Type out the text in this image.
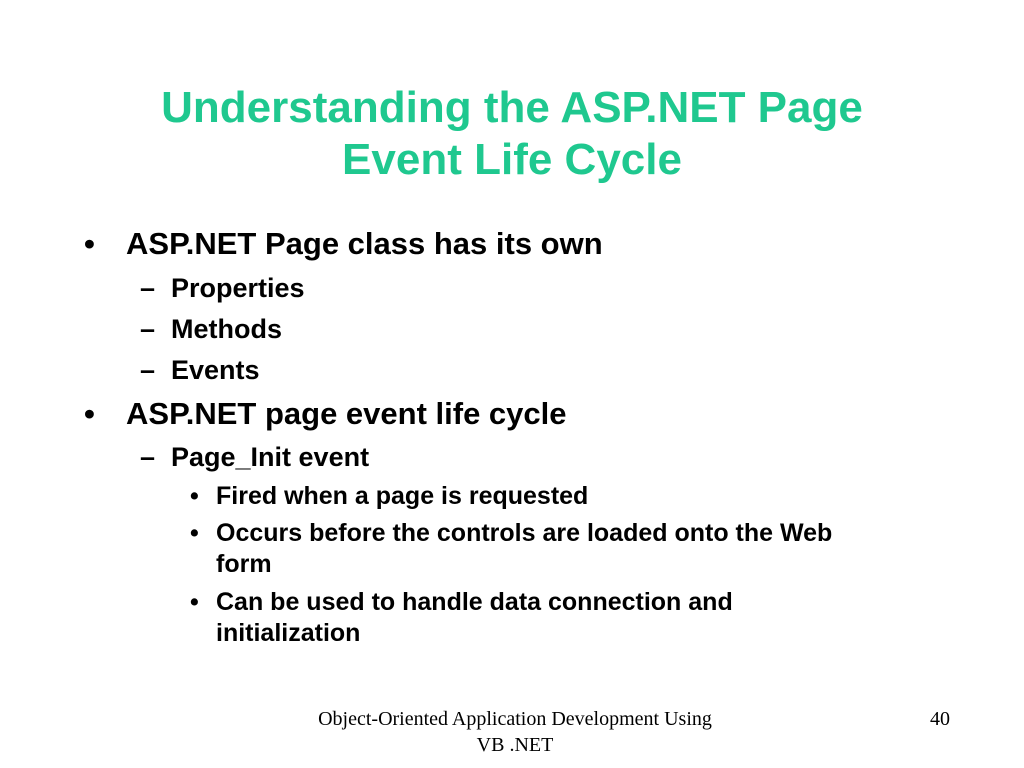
Understanding the ASP.NET Page
Event Life Cycle
• ASP.NET Page class has its own
– Properties
– Methods
– Events
• ASP.NET page event life cycle
– Page_Init event
• Fired when a page is requested
• Occurs before the controls are loaded onto the Web
form
• Can be used to handle data connection and
initialization
Object-Oriented Application Development Using
VB .NET
40
